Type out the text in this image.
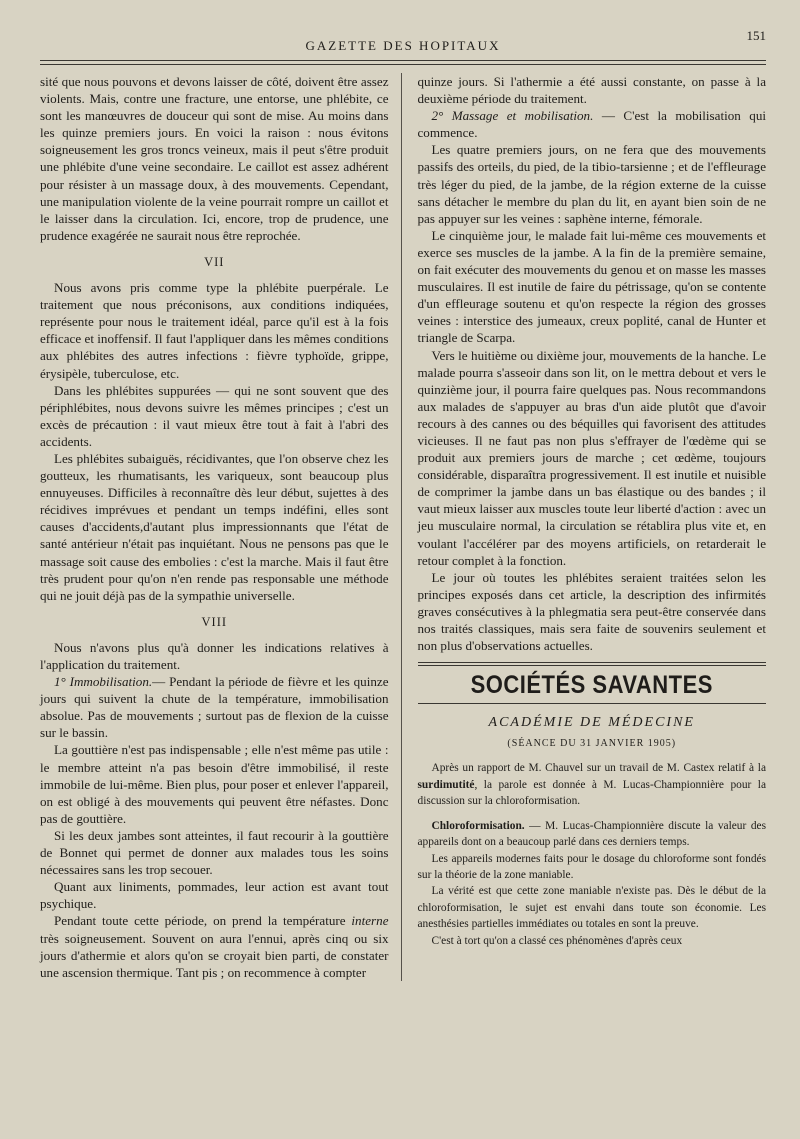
GAZETTE DES HOPITAUX
151

sité que nous pouvons et devons laisser de côté, doivent être assez violents. Mais, contre une fracture, une entorse, une phlébite, ce sont les manœuvres de douceur qui sont de mise. Au moins dans les quinze premiers jours. En voici la raison : nous évitons soigneusement les gros troncs veineux, mais il peut s'être produit une phlébite d'une veine secondaire. Le caillot est assez adhérent pour résister à un massage doux, à des mouvements. Cependant, une manipulation violente de la veine pourrait rompre un caillot et le laisser dans la circulation. Ici, encore, trop de prudence, une prudence exagérée ne saurait nous être reprochée.

VII

Nous avons pris comme type la phlébite puerpérale. Le traitement que nous préconisons, aux conditions indiquées, représente pour nous le traitement idéal, parce qu'il est à la fois efficace et inoffensif. Il faut l'appliquer dans les mêmes conditions aux phlébites des autres infections : fièvre typhoïde, grippe, érysipèle, tuberculose, etc.

Dans les phlébites suppurées — qui ne sont souvent que des périphlébites, nous devons suivre les mêmes principes ; c'est un excès de précaution : il vaut mieux être tout à fait à l'abri des accidents.

Les phlébites subaiguës, récidivantes, que l'on observe chez les goutteux, les rhumatisants, les variqueux, sont beaucoup plus ennuyeuses. Difficiles à reconnaître dès leur début, sujettes à des récidives imprévues et pendant un temps indéfini, elles sont causes d'accidents,d'autant plus impressionnants que l'état de santé antérieur n'était pas inquiétant. Nous ne pensons pas que le massage soit cause des embolies : c'est la marche. Mais il faut être très prudent pour qu'on n'en rende pas responsable une méthode qui ne jouit déjà pas de la sympathie universelle.

VIII

Nous n'avons plus qu'à donner les indications relatives à l'application du traitement.

1° Immobilisation.— Pendant la période de fièvre et les quinze jours qui suivent la chute de la température, immobilisation absolue. Pas de mouvements ; surtout pas de flexion de la cuisse sur le bassin.

La gouttière n'est pas indispensable ; elle n'est même pas utile : le membre atteint n'a pas besoin d'être immobilisé, il reste immobile de lui-même. Bien plus, pour poser et enlever l'appareil, on est obligé à des mouvements qui peuvent être néfastes. Donc pas de gouttière.

Si les deux jambes sont atteintes, il faut recourir à la gouttière de Bonnet qui permet de donner aux malades tous les soins nécessaires sans les trop secouer.

Quant aux liniments, pommades, leur action est avant tout psychique.

Pendant toute cette période, on prend la température interne très soigneusement. Souvent on aura l'ennui, après cinq ou six jours d'athermie et alors qu'on se croyait bien parti, de constater une ascension thermique. Tant pis ; on recommence à compter

quinze jours. Si l'athermie a été aussi constante, on passe à la deuxième période du traitement.

2° Massage et mobilisation. — C'est la mobilisation qui commence.

Les quatre premiers jours, on ne fera que des mouvements passifs des orteils, du pied, de la tibio-tarsienne ; et de l'effleurage très léger du pied, de la jambe, de la région externe de la cuisse sans détacher le membre du plan du lit, en ayant bien soin de ne pas appuyer sur les veines : saphène interne, fémorale.

Le cinquième jour, le malade fait lui-même ces mouvements et exerce ses muscles de la jambe. A la fin de la première semaine, on fait exécuter des mouvements du genou et on masse les masses musculaires. Il est inutile de faire du pétrissage, qu'on se contente d'un effleurage soutenu et qu'on respecte la région des grosses veines : interstice des jumeaux, creux poplité, canal de Hunter et triangle de Scarpa.

Vers le huitième ou dixième jour, mouvements de la hanche. Le malade pourra s'asseoir dans son lit, on le mettra debout et vers le quinzième jour, il pourra faire quelques pas. Nous recommandons aux malades de s'appuyer au bras d'un aide plutôt que d'avoir recours à des cannes ou des béquilles qui favorisent des attitudes vicieuses. Il ne faut pas non plus s'effrayer de l'œdème qui se produit aux premiers jours de marche ; cet œdème, toujours considérable, disparaîtra progressivement. Il est inutile et nuisible de comprimer la jambe dans un bas élastique ou des bandes ; il vaut mieux laisser aux muscles toute leur liberté d'action : avec un jeu musculaire normal, la circulation se rétablira plus vite et, en voulant l'accélérer par des moyens artificiels, on retarderait le retour complet à la fonction.

Le jour où toutes les phlébites seraient traitées selon les principes exposés dans cet article, la description des infirmités graves consécutives à la phlegmatia sera peut-être conservée dans nos traités classiques, mais sera faite de souvenirs seulement et non plus d'observations actuelles.

SOCIÉTÉS SAVANTES
ACADÉMIE DE MÉDECINE
(SÉANCE DU 31 JANVIER 1905)

Après un rapport de M. Chauvel sur un travail de M. Castex relatif à la surdimutité, la parole est donnée à M. Lucas-Championnière pour la discussion sur la chloroformisation.

Chloroformisation. — M. Lucas-Championnière discute la valeur des appareils dont on a beaucoup parlé dans ces derniers temps.

Les appareils modernes faits pour le dosage du chloroforme sont fondés sur la théorie de la zone maniable.

La vérité est que cette zone maniable n'existe pas. Dès le début de la chloroformisation, le sujet est envahi dans toute son économie. Les anesthésies partielles immédiates ou totales en sont la preuve.

C'est à tort qu'on a classé ces phénomènes d'après ceux
